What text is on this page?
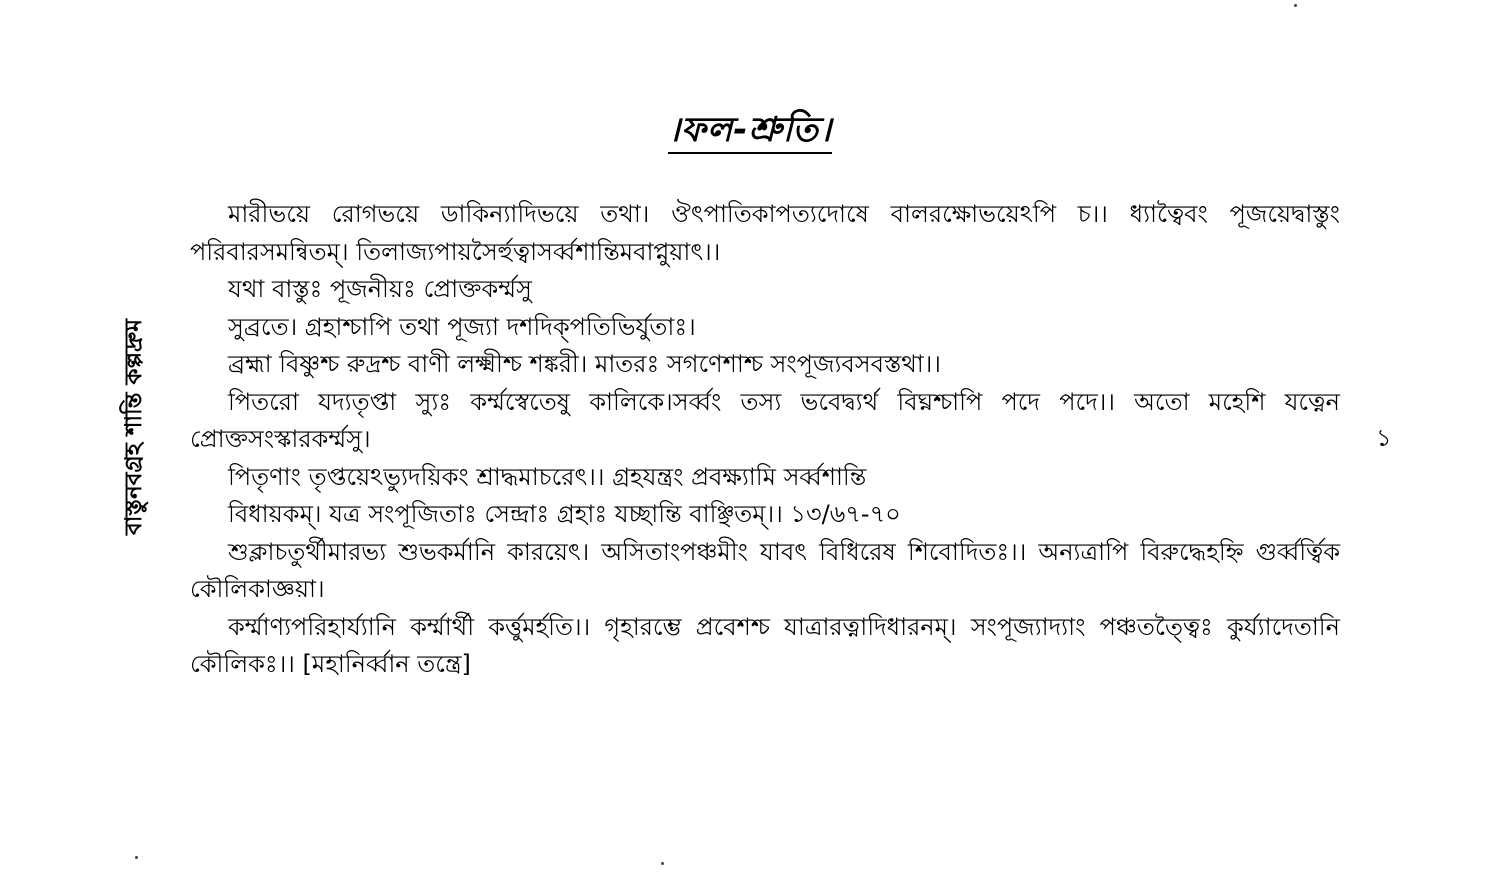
।ফল-শ্রুতি।
বাস্তুনবগ্রহ শান্তি কল্পদ্রুম	১

মারীভয়ে রোগভয়ে ডাকিন্যাদিভয়ে তথা। ঔৎপাতিকাপত্যদোষে বালরক্ষোভয়েঽপি চ।। ধ্যাত্বৈবং পূজয়েদ্বাস্তুং পরিবারসমন্বিতম্। তিলাজ্যপায়সৈর্হুত্বাসর্ব্বশান্তিমবাপ্নুয়াৎ।।

যথা বাস্তুঃ পূজনীয়ঃ প্রোক্তকর্ম্মসু

সুব্রতে। গ্রহাশ্চাপি তথা পূজ্যা দশদিক্‌পতিভির্যুতাঃ।

ব্রহ্মা বিষ্ণুশ্চ রুদ্রশ্চ বাণী লক্ষ্মীশ্চ শঙ্করী। মাতরঃ সগণেশাশ্চ সংপূজ্যবসবস্তথা।।

পিতরো যদ্যতৃপ্তা স্যুঃ কর্ম্মস্বেতেষু কালিকে।সর্ব্বং তস্য ভবেদ্ব্যর্থ বিঘ্নশ্চাপি পদে পদে।। অতো মহেশি যত্নেন প্রোক্তসংস্কারকর্ম্মসু।

পিতৃণাং তৃপ্তয়েঽভ্যুদয়িকং শ্রাদ্ধমাচরেৎ।। গ্রহযন্ত্রং প্রবক্ষ্যামি সর্ব্বশান্তি

বিধায়কম্। যত্র সংপূজিতাঃ সেন্দ্রাঃ গ্রহাঃ যচ্ছান্তি বাঞ্ছিতম্।। ১৩/৬৭-৭০

শুক্লাচতুর্থীমারভ্য শুভকর্মানি কারয়েৎ। অসিতাংপঞ্চমীং যাবৎ বিধিরেষ শিবোদিতঃ।। অন্যত্রাপি বিরুদ্ধেহহ্নি গুর্ব্বর্ত্বিক কৌলিকাজ্ঞয়া।

কর্ম্মাণ্যপরিহার্য্যানি কর্ম্মার্থী কর্ত্তুমর্হতি।। গৃহারম্ভে প্রবেশশ্চ যাত্রারত্নাদিধারনম্। সংপূজ্যাদ্যাং পঞ্চতত্ত্বৈঃ কুর্য্যাদেতানি কৌলিকঃ।। [মহানির্ব্বান তন্ত্রে]
